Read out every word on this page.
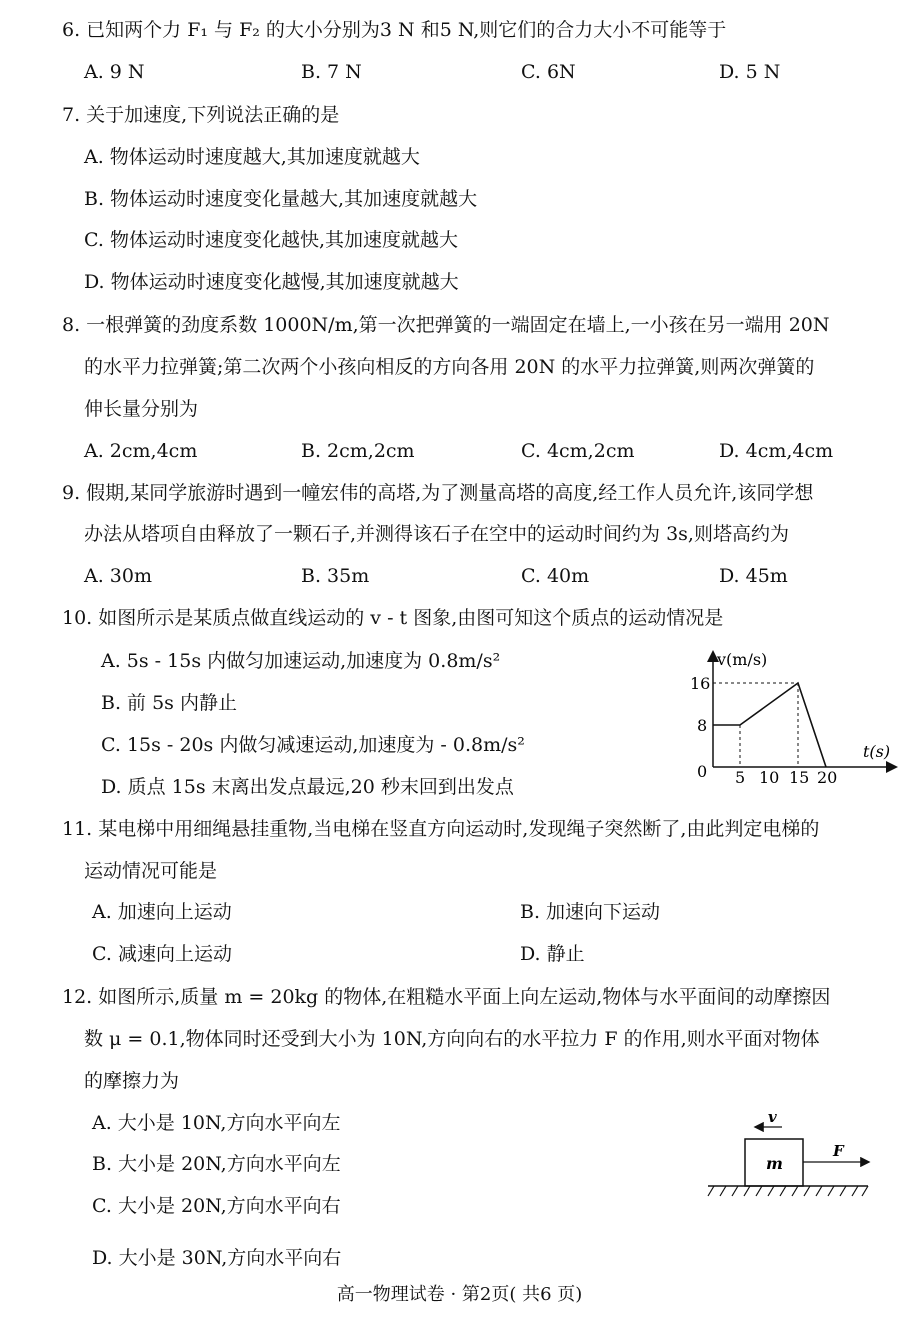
6. 已知两个力 F₁ 与 F₂ 的大小分别为3 N 和5 N,则它们的合力大小不可能等于
A. 9 N	B. 7 N	C. 6N	D. 5 N
7. 关于加速度,下列说法正确的是
A. 物体运动时速度越大,其加速度就越大
B. 物体运动时速度变化量越大,其加速度就越大
C. 物体运动时速度变化越快,其加速度就越大
D. 物体运动时速度变化越慢,其加速度就越大
8. 一根弹簧的劲度系数 1000N/m,第一次把弹簧的一端固定在墙上,一小孩在另一端用 20N
的水平力拉弹簧;第二次两个小孩向相反的方向各用 20N 的水平力拉弹簧,则两次弹簧的
伸长量分别为
A. 2cm,4cm	B. 2cm,2cm	C. 4cm,2cm	D. 4cm,4cm
9. 假期,某同学旅游时遇到一幢宏伟的高塔,为了测量高塔的高度,经工作人员允许,该同学想
办法从塔项自由释放了一颗石子,并测得该石子在空中的运动时间约为 3s,则塔高约为
A. 30m	B. 35m	C. 40m	D. 45m
10. 如图所示是某质点做直线运动的 v - t 图象,由图可知这个质点的运动情况是
A. 5s - 15s 内做匀加速运动,加速度为 0.8m/s²
B. 前 5s 内静止
C. 15s - 20s 内做匀减速运动,加速度为 - 0.8m/s²
D. 质点 15s 末离出发点最远,20 秒末回到出发点
v(m/s)
16
8
0 5 10 15 20
t(s)
11. 某电梯中用细绳悬挂重物,当电梯在竖直方向运动时,发现绳子突然断了,由此判定电梯的
运动情况可能是
A. 加速向上运动	B. 加速向下运动
C. 减速向上运动	D. 静止
12. 如图所示,质量 m = 20kg 的物体,在粗糙水平面上向左运动,物体与水平面间的动摩擦因
数 μ = 0.1,物体同时还受到大小为 10N,方向向右的水平拉力 F 的作用,则水平面对物体
的摩擦力为
A. 大小是 10N,方向水平向左
B. 大小是 20N,方向水平向左
C. 大小是 20N,方向水平向右
D. 大小是 30N,方向水平向右
v
m
F
高一物理试卷 · 第2页( 共6 页)
